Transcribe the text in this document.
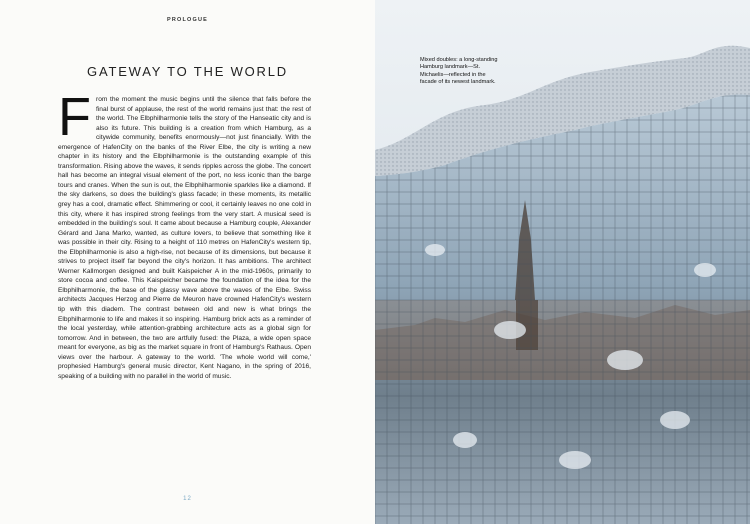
PROLOGUE
GATEWAY TO THE WORLD

From the moment the music begins until the silence that falls before the final burst of applause, the rest of the world remains just that: the rest of the world. The Elbphilharmonie tells the story of the Hanseatic city and is also its future. This building is a creation from which Hamburg, as a citywide community, benefits enormously—not just financially. With the emergence of HafenCity on the banks of the River Elbe, the city is writing a new chapter in its history and the Elbphilharmonie is the outstanding example of this transformation. Rising above the waves, it sends ripples across the globe. The concert hall has become an integral visual element of the port, no less iconic than the barge tours and cranes. When the sun is out, the Elbphilharmonie sparkles like a diamond. If the sky darkens, so does the building's glass facade; in these moments, its metallic grey has a cool, dramatic effect. Shimmering or cool, it certainly leaves no one cold in this city, where it has inspired strong feelings from the very start. A musical seed is embedded in the building's soul. It came about because a Hamburg couple, Alexander Gérard and Jana Marko, wanted, as culture lovers, to believe that something like it was possible in their city. Rising to a height of 110 metres on HafenCity's western tip, the Elbphilharmonie is also a high-rise, not because of its dimensions, but because it strives to project itself far beyond the city's horizon. It has ambitions. The architect Werner Kallmorgen designed and built Kaispeicher A in the mid-1960s, primarily to store cocoa and coffee. This Kaispeicher became the foundation of the idea for the Elbphilharmonie, the base of the glassy wave above the waves of the Elbe. Swiss architects Jacques Herzog and Pierre de Meuron have crowned HafenCity's western tip with this diadem. The contrast between old and new is what brings the Elbphilharmonie to life and makes it so inspiring. Hamburg brick acts as a reminder of the local yesterday, while attention-grabbing architecture acts as a global sign for tomorrow. And in between, the two are artfully fused: the Plaza, a wide open space meant for everyone, as big as the market square in front of Hamburg's Rathaus. Open views over the harbour. A gateway to the world. 'The whole world will come,' prophesied Hamburg's general music director, Kent Nagano, in the spring of 2016, speaking of a building with no parallel in the world of music.

12

Mixed doubles: a long-standing Hamburg landmark—St. Michaelis—reflected in the facade of its newest landmark.
